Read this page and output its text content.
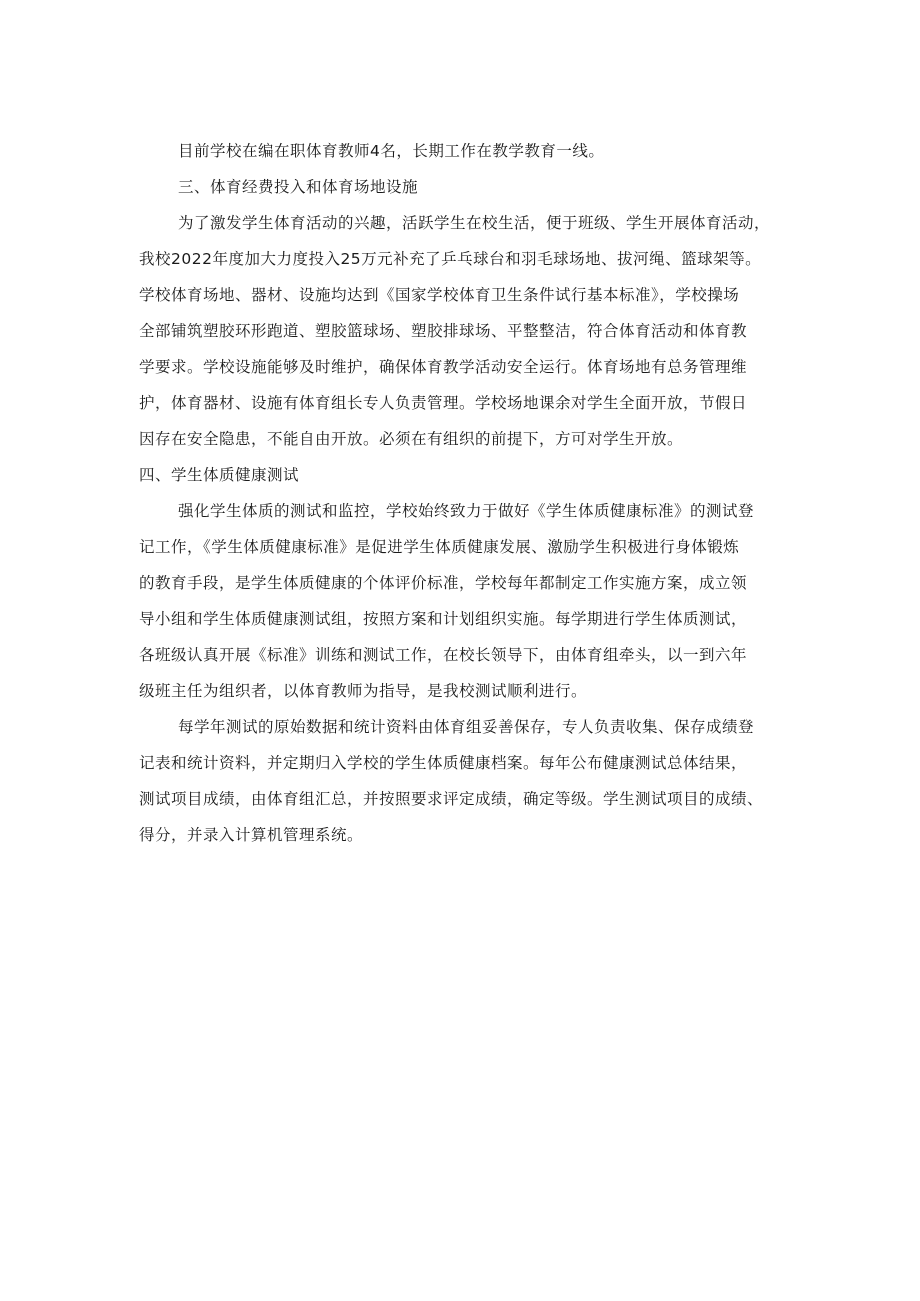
目前学校在编在职体育教师4名，长期工作在教学教育一线。
三、体育经费投入和体育场地设施
为了激发学生体育活动的兴趣，活跃学生在校生活，便于班级、学生开展体育活动，
我校2022年度加大力度投入25万元补充了乒乓球台和羽毛球场地、拔河绳、篮球架等。
学校体育场地、器材、设施均达到《国家学校体育卫生条件试行基本标准》，学校操场
全部铺筑塑胶环形跑道、塑胶篮球场、塑胶排球场、平整整洁，符合体育活动和体育教
学要求。学校设施能够及时维护，确保体育教学活动安全运行。体育场地有总务管理维
护，体育器材、设施有体育组长专人负责管理。学校场地课余对学生全面开放，节假日
因存在安全隐患，不能自由开放。必须在有组织的前提下，方可对学生开放。
四、学生体质健康测试
强化学生体质的测试和监控，学校始终致力于做好《学生体质健康标准》的测试登
记工作，《学生体质健康标准》是促进学生体质健康发展、激励学生积极进行身体锻炼
的教育手段，是学生体质健康的个体评价标准，学校每年都制定工作实施方案，成立领
导小组和学生体质健康测试组，按照方案和计划组织实施。每学期进行学生体质测试，
各班级认真开展《标准》训练和测试工作，在校长领导下，由体育组牵头，以一到六年
级班主任为组织者，以体育教师为指导，是我校测试顺利进行。
每学年测试的原始数据和统计资料由体育组妥善保存，专人负责收集、保存成绩登
记表和统计资料，并定期归入学校的学生体质健康档案。每年公布健康测试总体结果，
测试项目成绩，由体育组汇总，并按照要求评定成绩，确定等级。学生测试项目的成绩、
得分，并录入计算机管理系统。
